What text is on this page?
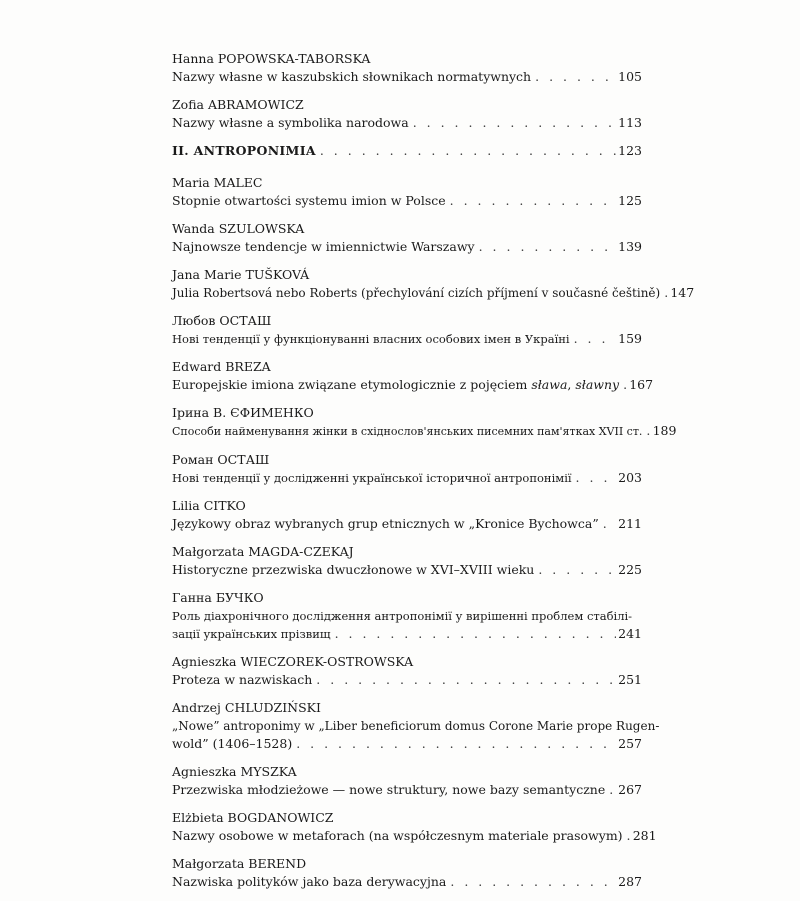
Hanna POPOWSKA-TABORSKA
Nazwy własne w kaszubskich słownikach normatywnych . . .	105
Zofia ABRAMOWICZ
Nazwy własne a symbolika narodowa . . .	113
II. ANTROPONIMIA . . .	123
Maria MALEC
Stopnie otwartości systemu imion w Polsce . . .	125
Wanda SZULOWSKA
Najnowsze tendencje w imiennictwie Warszawy . . .	139
Jana Marie TUŠKOVÁ
Julia Robertsová nebo Roberts (přechylování cizích příjmení v současné češtině) . . . 147
Любов ОСТАШ
Нові тенденції у функціонуванні власних особових імен в Україні . . .	159
Edward BREZA
Europejskie imiona związane etymologicznie z pojęciem sława, sławny . . . 167
Ірина В. ЄФИМЕНКО
Способи найменування жінки в східнослов'янських писемних пам'ятках XVII ст. . . . 189
Роман ОСТАШ
Нові тенденції у дослідженні української історичної антропонімії . . .	203
Lilia CITKO
Językowy obraz wybranych grup etnicznych w „Kronice Bychowca” . . . 211
Małgorzata MAGDA-CZEKAJ
Historyczne przezwiska dwuczłonowe w XVI–XVIII wieku . . .	225
Ганна БУЧКО
Роль діахронічного дослідження антропонімії у вирішенні проблем стабілі-
зації українських прізвищ . . .	241
Agnieszka WIECZOREK-OSTROWSKA
Proteza w nazwiskach . . .	251
Andrzej CHLUDZIŃSKI
„Nowe” antroponimy w „Liber beneficiorum domus Corone Marie prope Rugen-
wold” (1406–1528) . . .	257
Agnieszka MYSZKA
Przezwiska młodzieżowe — nowe struktury, nowe bazy semantyczne . . . 267
Elżbieta BOGDANOWICZ
Nazwy osobowe w metaforach (na współczesnym materiale prasowym) . . . 281
Małgorzata BEREND
Nazwiska polityków jako baza derywacyjna . . .	287
